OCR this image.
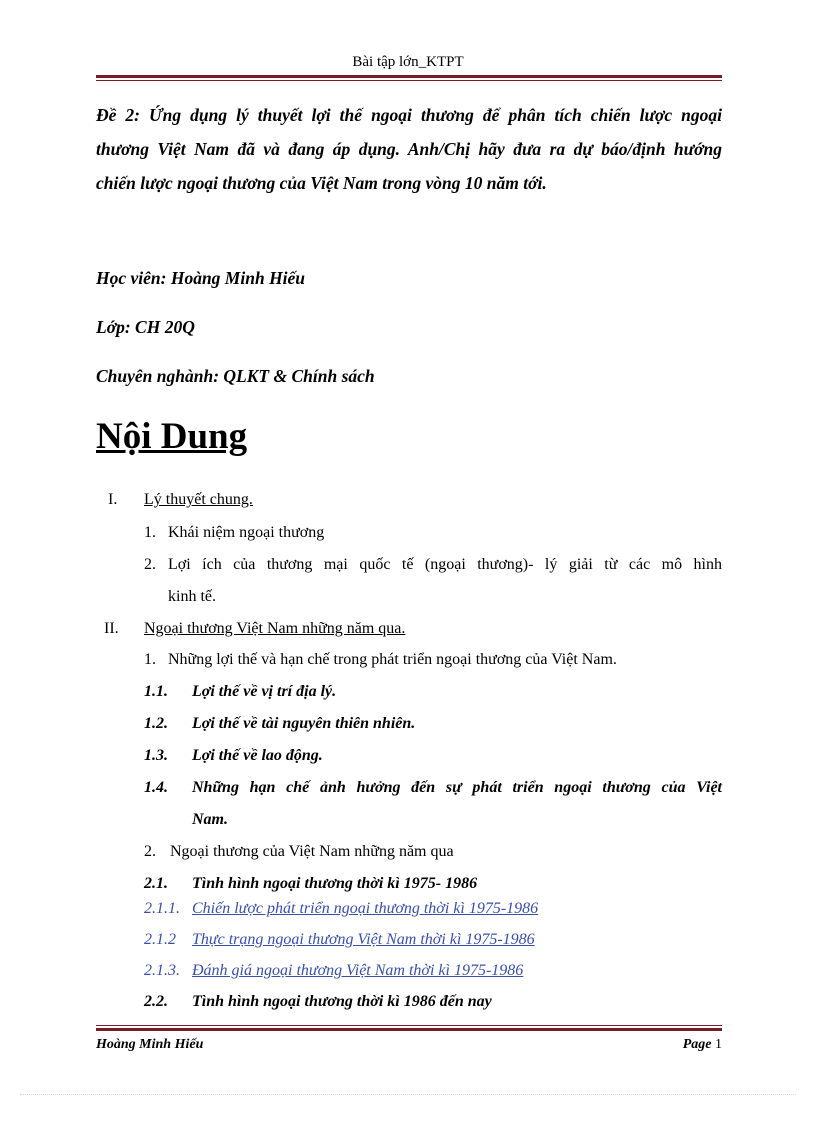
Bài tập lớn_KTPT
Đề 2: Ứng dụng lý thuyết lợi thế ngoại thương để phân tích chiến lược ngoại
thương Việt Nam đã và đang áp dụng. Anh/Chị hãy đưa ra dự báo/định hướng
chiến lược ngoại thương của Việt Nam trong vòng 10 năm tới.
Học viên: Hoàng Minh Hiếu
Lớp: CH 20Q
Chuyên nghành: QLKT & Chính sách
Nội Dung
I.	Lý thuyết chung.
1. Khái niệm ngoại thương
2. Lợi ích của thương mại quốc tế (ngoại thương)- lý giải từ các mô hình
kinh tế.
II.	Ngoại thương Việt Nam những năm qua.
1. Những lợi thế và hạn chế trong phát triển ngoại thương của Việt Nam.
1.1. Lợi thế về vị trí địa lý.
1.2. Lợi thế về tài nguyên thiên nhiên.
1.3. Lợi thế về lao động.
1.4. Những hạn chế ảnh hưởng đến sự phát triển ngoại thương của Việt
Nam.
2. Ngoại thương của Việt Nam những năm qua
2.1. Tình hình ngoại thương thời kì 1975- 1986
2.1.1. Chiến lược phát triển ngoại thương thời kì 1975-1986
2.1.2 Thực trạng ngoại thương Việt Nam thời kì 1975-1986
2.1.3. Đánh giá ngoại thương Việt Nam thời kì 1975-1986
2.2. Tình hình ngoại thương thời kì 1986 đến nay
Hoàng Minh Hiếu	Page 1
